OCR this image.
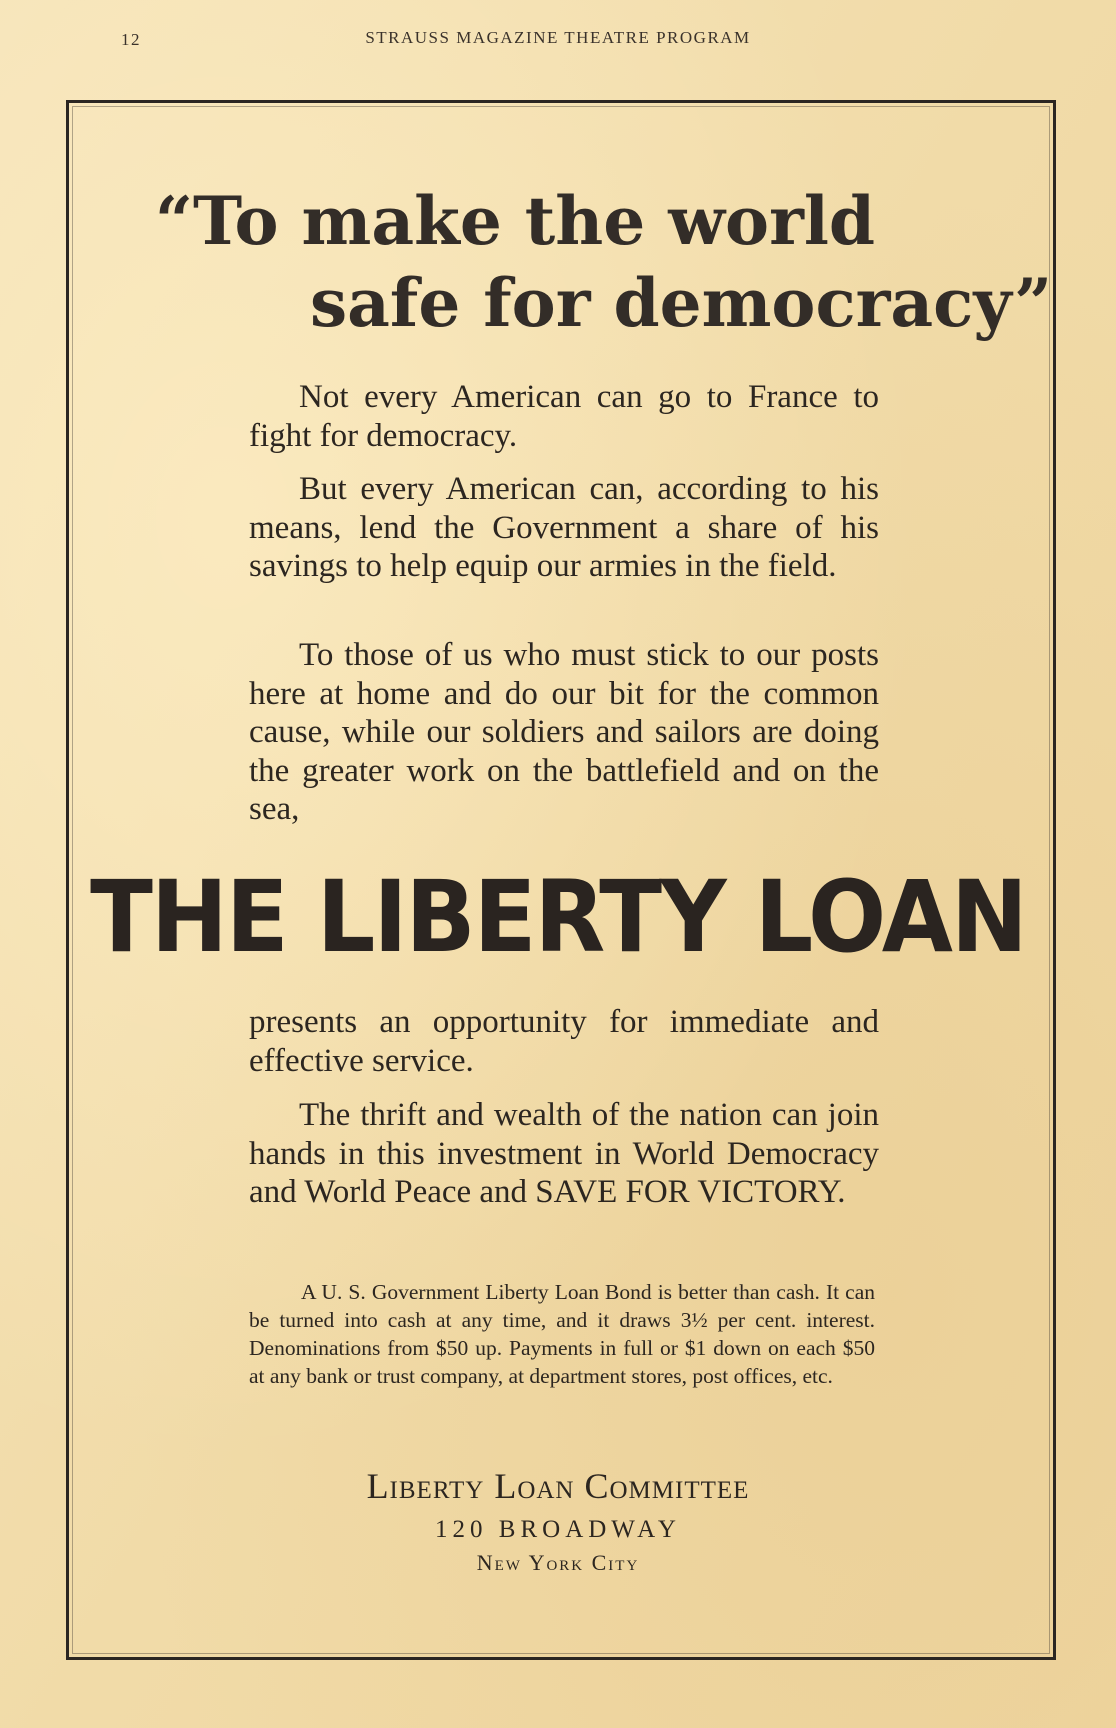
12	STRAUSS MAGAZINE THEATRE PROGRAM
“To make the world
safe for democracy”

Not every American can go to France to fight for democracy.

But every American can, according to his means, lend the Government a share of his savings to help equip our armies in the field.

To those of us who must stick to our posts here at home and do our bit for the common cause, while our soldiers and sailors are doing the greater work on the battlefield and on the sea,

THE LIBERTY LOAN

presents an opportunity for immediate and effective service.

The thrift and wealth of the nation can join hands in this investment in World Democracy and World Peace and SAVE FOR VICTORY.

A U. S. Government Liberty Loan Bond is better than cash. It can be turned into cash at any time, and it draws 3½ per cent. interest. Denominations from $50 up. Payments in full or $1 down on each $50 at any bank or trust company, at department stores, post offices, etc.

Liberty Loan Committee
120 BROADWAY
New York City
